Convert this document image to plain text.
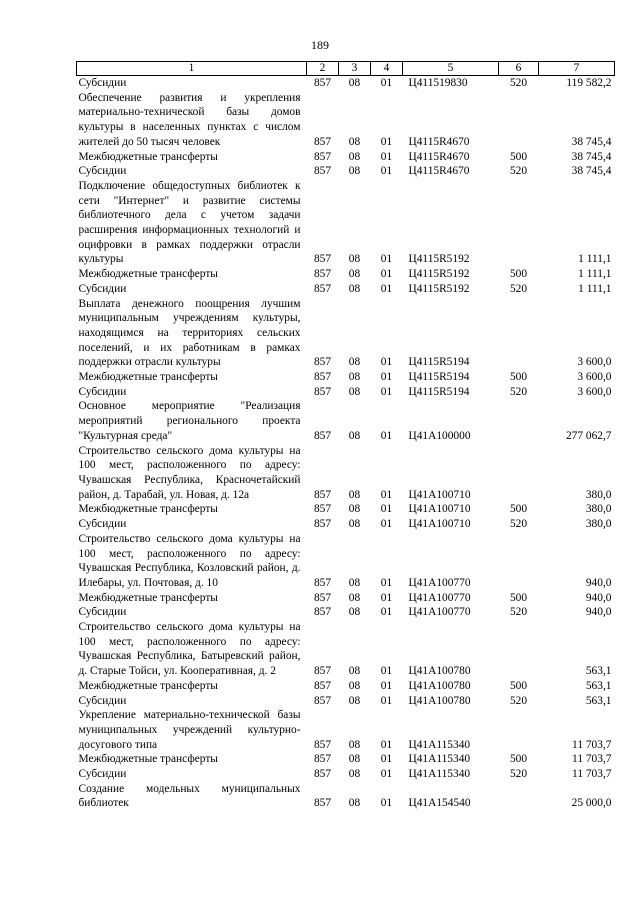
189
1	2	3	4	5	6	7
Субсидии	857	08	01	Ц411519830	520	119 582,2
Обеспечение развития и укрепления материально-технической базы домов культуры в населенных пунктах с числом жителей до 50 тысяч человек	857	08	01	Ц4115R4670		38 745,4
Межбюджетные трансферты	857	08	01	Ц4115R4670	500	38 745,4
Субсидии	857	08	01	Ц4115R4670	520	38 745,4
Подключение общедоступных библиотек к сети "Интернет" и развитие системы библиотечного дела с учетом задачи расширения информационных технологий и оцифровки в рамках поддержки отрасли культуры	857	08	01	Ц4115R5192		1 111,1
Межбюджетные трансферты	857	08	01	Ц4115R5192	500	1 111,1
Субсидии	857	08	01	Ц4115R5192	520	1 111,1
Выплата денежного поощрения лучшим муниципальным учреждениям культуры, находящимся на территориях сельских поселений, и их работникам в рамках поддержки отрасли культуры	857	08	01	Ц4115R5194		3 600,0
Межбюджетные трансферты	857	08	01	Ц4115R5194	500	3 600,0
Субсидии	857	08	01	Ц4115R5194	520	3 600,0
Основное мероприятие "Реализация мероприятий регионального проекта "Культурная среда"	857	08	01	Ц41A100000		277 062,7
Строительство сельского дома культуры на 100 мест, расположенного по адресу: Чувашская Республика, Красночетайский район, д. Тарабай, ул. Новая, д. 12а	857	08	01	Ц41A100710		380,0
Межбюджетные трансферты	857	08	01	Ц41A100710	500	380,0
Субсидии	857	08	01	Ц41A100710	520	380,0
Строительство сельского дома культуры на 100 мест, расположенного по адресу: Чувашская Республика, Козловский район, д. Илебары, ул. Почтовая, д. 10	857	08	01	Ц41A100770		940,0
Межбюджетные трансферты	857	08	01	Ц41A100770	500	940,0
Субсидии	857	08	01	Ц41A100770	520	940,0
Строительство сельского дома культуры на 100 мест, расположенного по адресу: Чувашская Республика, Батыревский район, д. Старые Тойси, ул. Кооперативная, д. 2	857	08	01	Ц41A100780		563,1
Межбюджетные трансферты	857	08	01	Ц41A100780	500	563,1
Субсидии	857	08	01	Ц41A100780	520	563,1
Укрепление материально-технической базы муниципальных учреждений культурно-досугового типа	857	08	01	Ц41A115340		11 703,7
Межбюджетные трансферты	857	08	01	Ц41A115340	500	11 703,7
Субсидии	857	08	01	Ц41A115340	520	11 703,7
Создание модельных муниципальных библиотек	857	08	01	Ц41A154540		25 000,0
